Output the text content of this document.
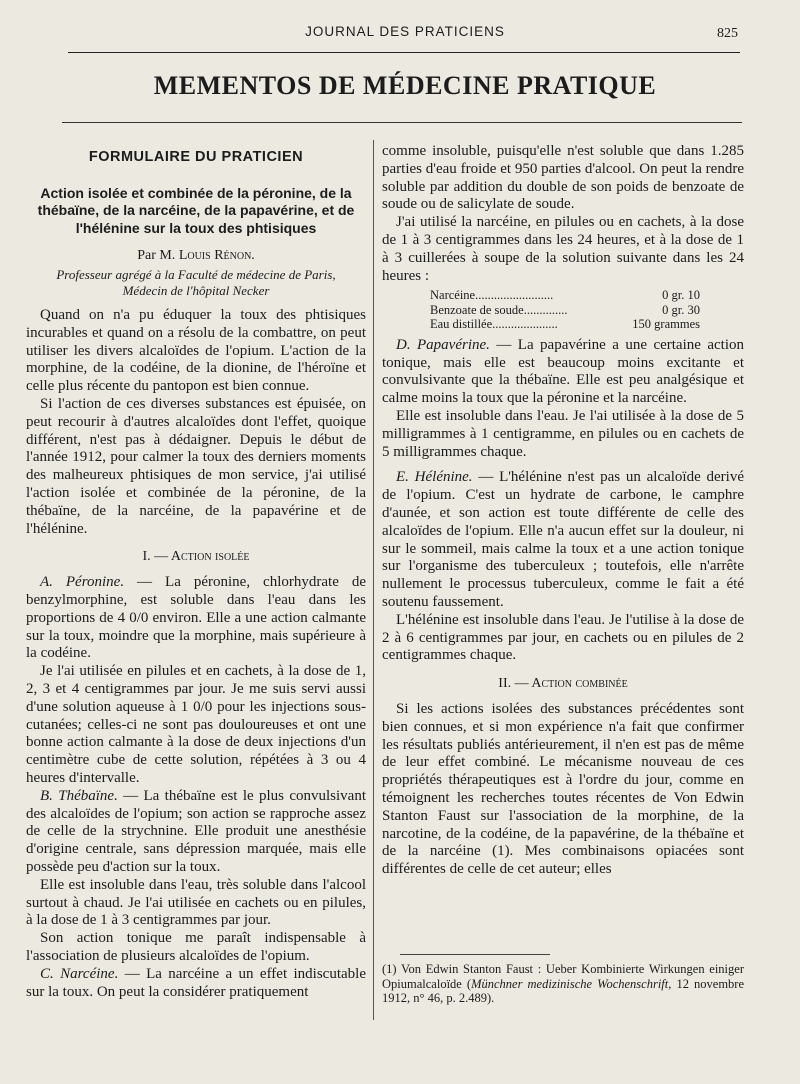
JOURNAL DES PRATICIENS	825
MEMENTOS DE MÉDECINE PRATIQUE
FORMULAIRE DU PRATICIEN
Action isolée et combinée de la péronine, de la thébaïne, de la narcéine, de la papavérine, et de l'hélénine sur la toux des phtisiques
Par M. Louis Rénon.
Professeur agrégé à la Faculté de médecine de Paris,
Médecin de l'hôpital Necker

Quand on n'a pu éduquer la toux des phtisiques incurables et quand on a résolu de la combattre, on peut utiliser les divers alcaloïdes de l'opium. L'action de la morphine, de la codéine, de la dionine, de l'héroïne et celle plus récente du pantopon est bien connue.

Si l'action de ces diverses substances est épuisée, on peut recourir à d'autres alcaloïdes dont l'effet, quoique différent, n'est pas à dédaigner. Depuis le début de l'année 1912, pour calmer la toux des derniers moments des malheureux phtisiques de mon service, j'ai utilisé l'action isolée et combinée de la péronine, de la thébaïne, de la narcéine, de la papavérine et de l'hélénine.

I. — Action isolée

A. Péronine. — La péronine, chlorhydrate de benzylmorphine, est soluble dans l'eau dans les proportions de 4 0/0 environ. Elle a une action calmante sur la toux, moindre que la morphine, mais supérieure à la codéine.

Je l'ai utilisée en pilules et en cachets, à la dose de 1, 2, 3 et 4 centigrammes par jour. Je me suis servi aussi d'une solution aqueuse à 1 0/0 pour les injections sous-cutanées; celles-ci ne sont pas douloureuses et ont une bonne action calmante à la dose de deux injections d'un centimètre cube de cette solution, répétées à 3 ou 4 heures d'intervalle.

B. Thébaïne. — La thébaïne est le plus convulsivant des alcaloïdes de l'opium; son action se rapproche assez de celle de la strychnine. Elle produit une anesthésie d'origine centrale, sans dépression marquée, mais elle possède peu d'action sur la toux.

Elle est insoluble dans l'eau, très soluble dans l'alcool surtout à chaud. Je l'ai utilisée en cachets ou en pilules, à la dose de 1 à 3 centigrammes par jour.

Son action tonique me paraît indispensable à l'association de plusieurs alcaloïdes de l'opium.

C. Narcéine. — La narcéine a un effet indiscutable sur la toux. On peut la considérer pratiquement

comme insoluble, puisqu'elle n'est soluble que dans 1.285 parties d'eau froide et 950 parties d'alcool. On peut la rendre soluble par addition du double de son poids de benzoate de soude ou de salicylate de soude.

J'ai utilisé la narcéine, en pilules ou en cachets, à la dose de 1 à 3 centigrammes dans les 24 heures, et à la dose de 1 à 3 cuillerées à soupe de la solution suivante dans les 24 heures :

Narcéine.........................	0 gr. 10
Benzoate de soude..............	0 gr. 30
Eau distillée.....................	150 grammes

D. Papavérine. — La papavérine a une certaine action tonique, mais elle est beaucoup moins excitante et convulsivante que la thébaïne. Elle est peu analgésique et calme moins la toux que la péronine et la narcéine.

Elle est insoluble dans l'eau. Je l'ai utilisée à la dose de 5 milligrammes à 1 centigramme, en pilules ou en cachets de 5 milligrammes chaque.

E. Hélénine. — L'hélénine n'est pas un alcaloïde derivé de l'opium. C'est un hydrate de carbone, le camphre d'aunée, et son action est toute différente de celle des alcaloïdes de l'opium. Elle n'a aucun effet sur la douleur, ni sur le sommeil, mais calme la toux et a une action tonique sur l'organisme des tuberculeux ; toutefois, elle n'arrête nullement le processus tuberculeux, comme le fait a été soutenu faussement.

L'hélénine est insoluble dans l'eau. Je l'utilise à la dose de 2 à 6 centigrammes par jour, en cachets ou en pilules de 2 centigrammes chaque.

II. — Action combinée

Si les actions isolées des substances précédentes sont bien connues, et si mon expérience n'a fait que confirmer les résultats publiés antérieurement, il n'en est pas de même de leur effet combiné. Le mécanisme nouveau de ces propriétés thérapeutiques est à l'ordre du jour, comme en témoignent les recherches toutes récentes de Von Edwin Stanton Faust sur l'association de la morphine, de la narcotine, de la codéine, de la papavérine, de la thébaïne et de la narcéine (1). Mes combinaisons opiacées sont différentes de celle de cet auteur; elles

(1) Von Edwin Stanton Faust : Ueber Kombinierte Wirkungen einiger Opiumalcaloïde (Münchner medizinische Wochenschrift, 12 novembre 1912, n° 46, p. 2.489).
